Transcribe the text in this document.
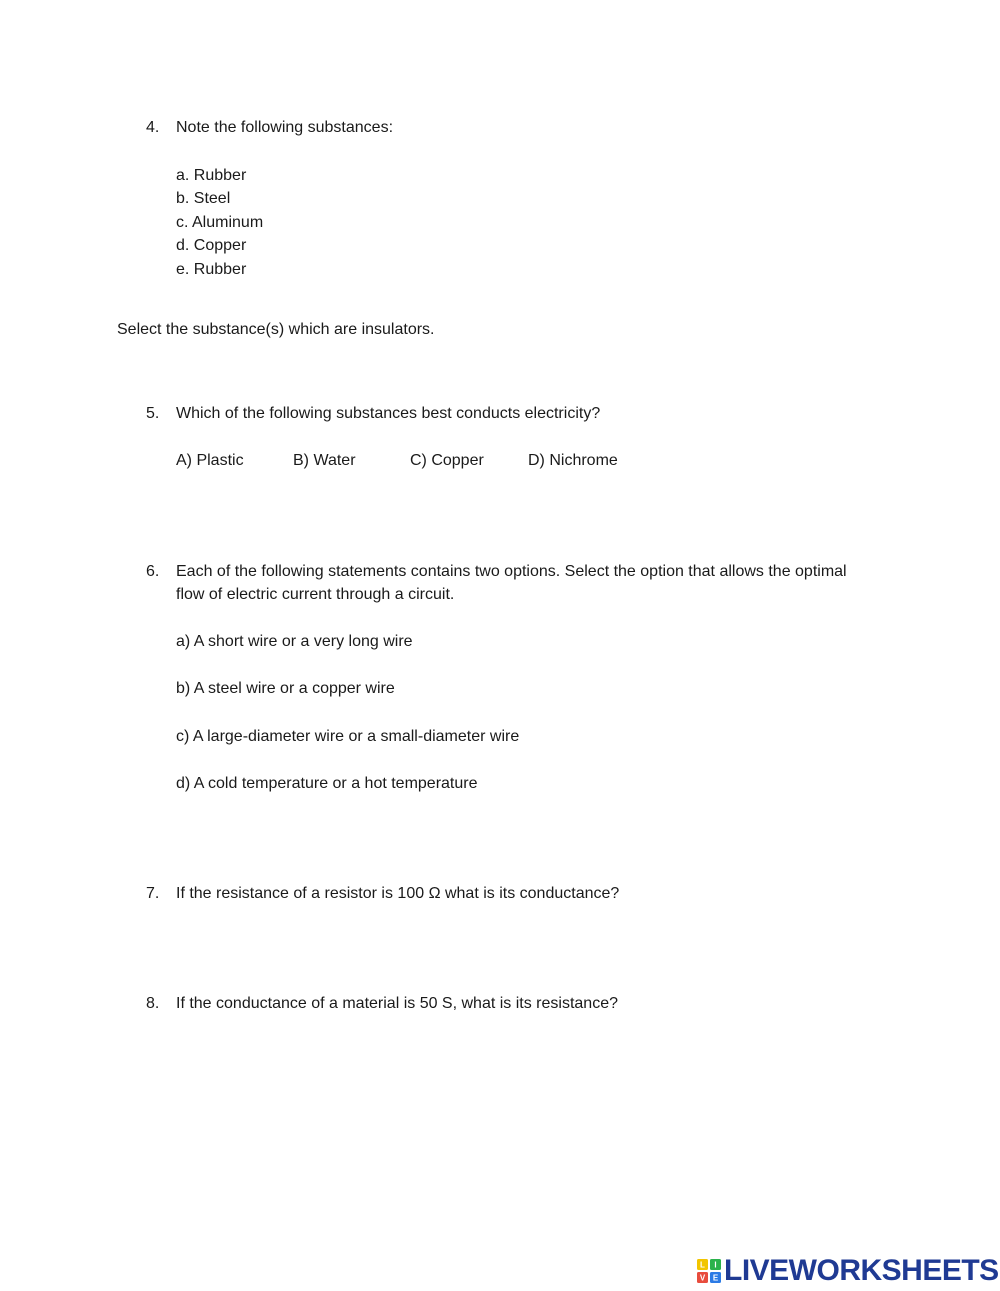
4. Note the following substances:
a. Rubber
b. Steel
c. Aluminum
d. Copper
e. Rubber
Select the substance(s) which are insulators.
5. Which of the following substances best conducts electricity?
A) Plastic	B) Water	C) Copper	D) Nichrome
6. Each of the following statements contains two options. Select the option that allows the optimal
flow of electric current through a circuit.
a) A short wire or a very long wire
b) A steel wire or a copper wire
c) A large-diameter wire or a small-diameter wire
d) A cold temperature or a hot temperature
7. If the resistance of a resistor is 100 Ω what is its conductance?
8. If the conductance of a material is 50 S, what is its resistance?
L I
V E LIVEWORKSHEETS
